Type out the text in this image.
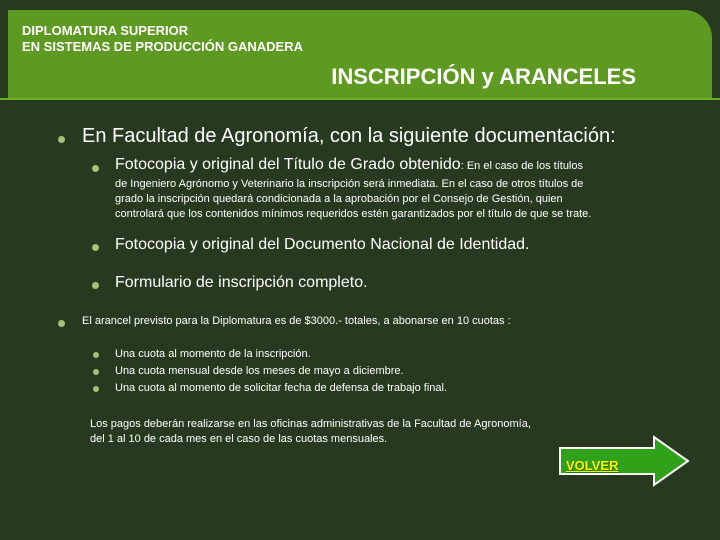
DIPLOMATURA SUPERIOR
EN SISTEMAS DE PRODUCCIÓN GANADERA
INSCRIPCIÓN y ARANCELES
En Facultad de Agronomía, con la siguiente documentación:
Fotocopia y original del Título de Grado obtenido: En el caso de los títulos
de Ingeniero Agrónomo y Veterinario la inscripción será inmediata. En el caso de otros títulos de
grado la inscripción quedará condicionada a la aprobación por el Consejo de Gestión, quien
controlará que los contenidos mínimos requeridos estén garantizados por el título de que se trate.
Fotocopia y original del Documento Nacional de Identidad.
Formulario de inscripción completo.
El arancel previsto para la Diplomatura es de $3000.- totales, a abonarse en 10 cuotas :
Una cuota al momento de la inscripción.
Una cuota mensual desde los meses de mayo a diciembre.
Una cuota al momento de solicitar fecha de defensa de trabajo final.
Los pagos deberán realizarse en las oficinas administrativas de la Facultad de Agronomía,
del 1 al 10 de cada mes en el caso de las cuotas mensuales.
VOLVER
